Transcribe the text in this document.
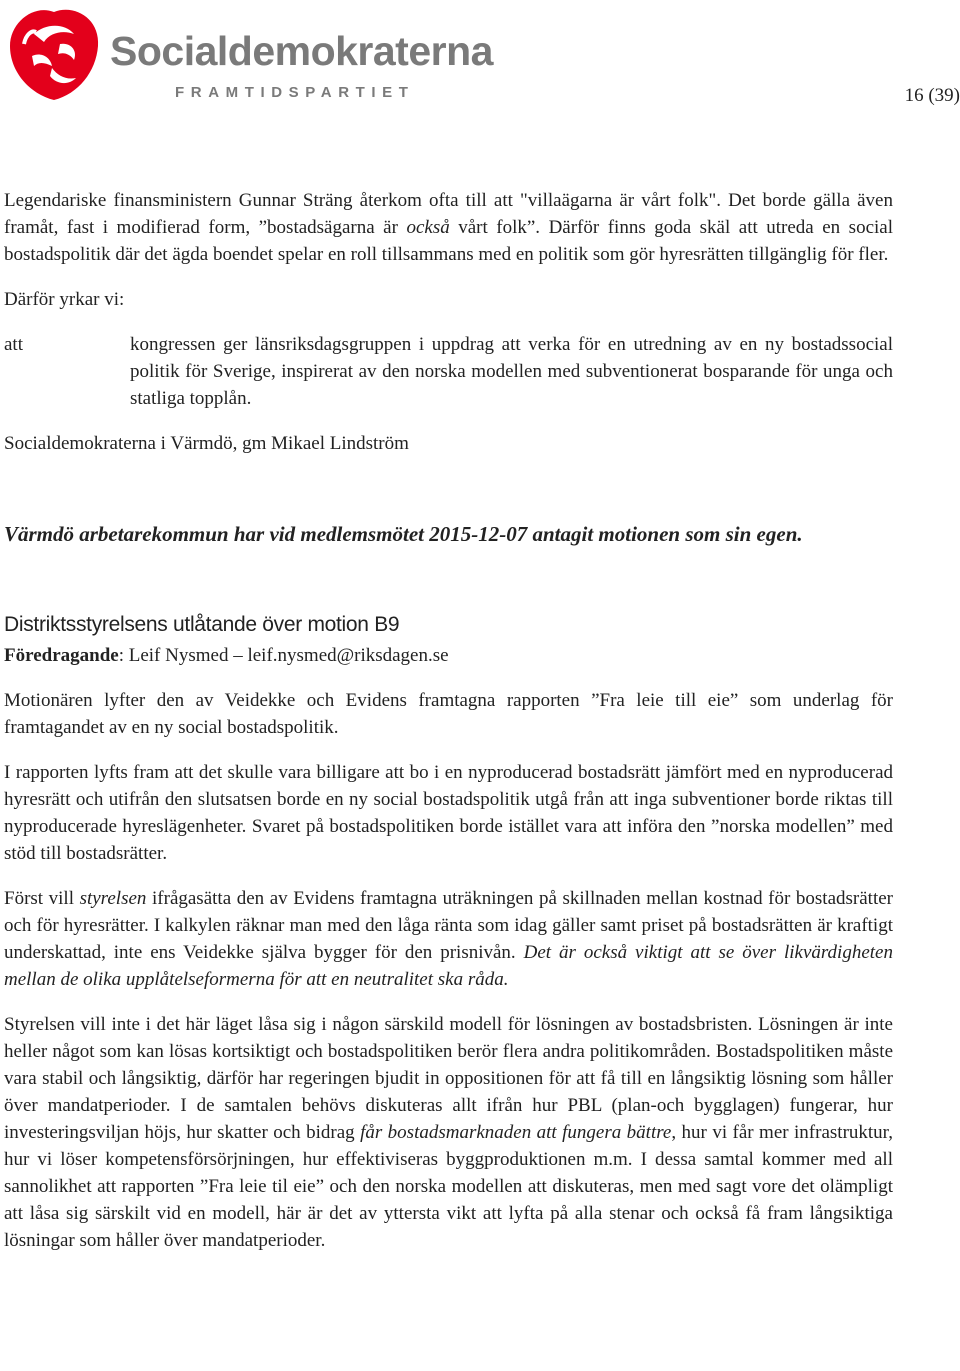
Socialdemokraterna
FRAMTIDSPARTIET	16 (39)

Legendariske finansministern Gunnar Sträng återkom ofta till att "villaägarna är vårt folk". Det borde gälla även framåt, fast i modifierad form, ”bostadsägarna är också vårt folk”. Därför finns goda skäl att utreda en social bostadspolitik där det ägda boendet spelar en roll tillsammans med en politik som gör hyresrätten tillgänglig för fler.

Därför yrkar vi:

att	kongressen ger länsriksdagsgruppen i uppdrag att verka för en utredning av en ny bostadssocial politik för Sverige, inspirerat av den norska modellen med subventionerat bosparande för unga och statliga topplån.

Socialdemokraterna i Värmdö, gm Mikael Lindström

Värmdö arbetarekommun har vid medlemsmötet 2015-12-07 antagit motionen som sin egen.

Distriktsstyrelsens utlåtande över motion B9

Föredragande: Leif Nysmed – leif.nysmed@riksdagen.se

Motionären lyfter den av Veidekke och Evidens framtagna rapporten ”Fra leie till eie” som underlag för framtagandet av en ny social bostadspolitik.

I rapporten lyfts fram att det skulle vara billigare att bo i en nyproducerad bostadsrätt jämfört med en nyproducerad hyresrätt och utifrån den slutsatsen borde en ny social bostadspolitik utgå från att inga subventioner borde riktas till nyproducerade hyreslägenheter. Svaret på bostadspolitiken borde istället vara att införa den ”norska modellen” med stöd till bostadsrätter.

Först vill styrelsen ifrågasätta den av Evidens framtagna uträkningen på skillnaden mellan kostnad för bostadsrätter och för hyresrätter. I kalkylen räknar man med den låga ränta som idag gäller samt priset på bostadsrätten är kraftigt underskattad, inte ens Veidekke själva bygger för den prisnivån. Det är också viktigt att se över likvärdigheten mellan de olika upplåtelseformerna för att en neutralitet ska råda.

Styrelsen vill inte i det här läget låsa sig i någon särskild modell för lösningen av bostadsbristen. Lösningen är inte heller något som kan lösas kortsiktigt och bostadspolitiken berör flera andra politikområden. Bostadspolitiken måste vara stabil och långsiktig, därför har regeringen bjudit in oppositionen för att få till en långsiktig lösning som håller över mandatperioder. I de samtalen behövs diskuteras allt ifrån hur PBL (plan-och bygglagen) fungerar, hur investeringsviljan höjs, hur skatter och bidrag får bostadsmarknaden att fungera bättre, hur vi får mer infrastruktur, hur vi löser kompetensförsörjningen, hur effektiviseras byggproduktionen m.m. I dessa samtal kommer med all sannolikhet att rapporten ”Fra leie til eie” och den norska modellen att diskuteras, men med sagt vore det olämpligt att låsa sig särskilt vid en modell, här är det av yttersta vikt att lyfta på alla stenar och också få fram långsiktiga lösningar som håller över mandatperioder.
